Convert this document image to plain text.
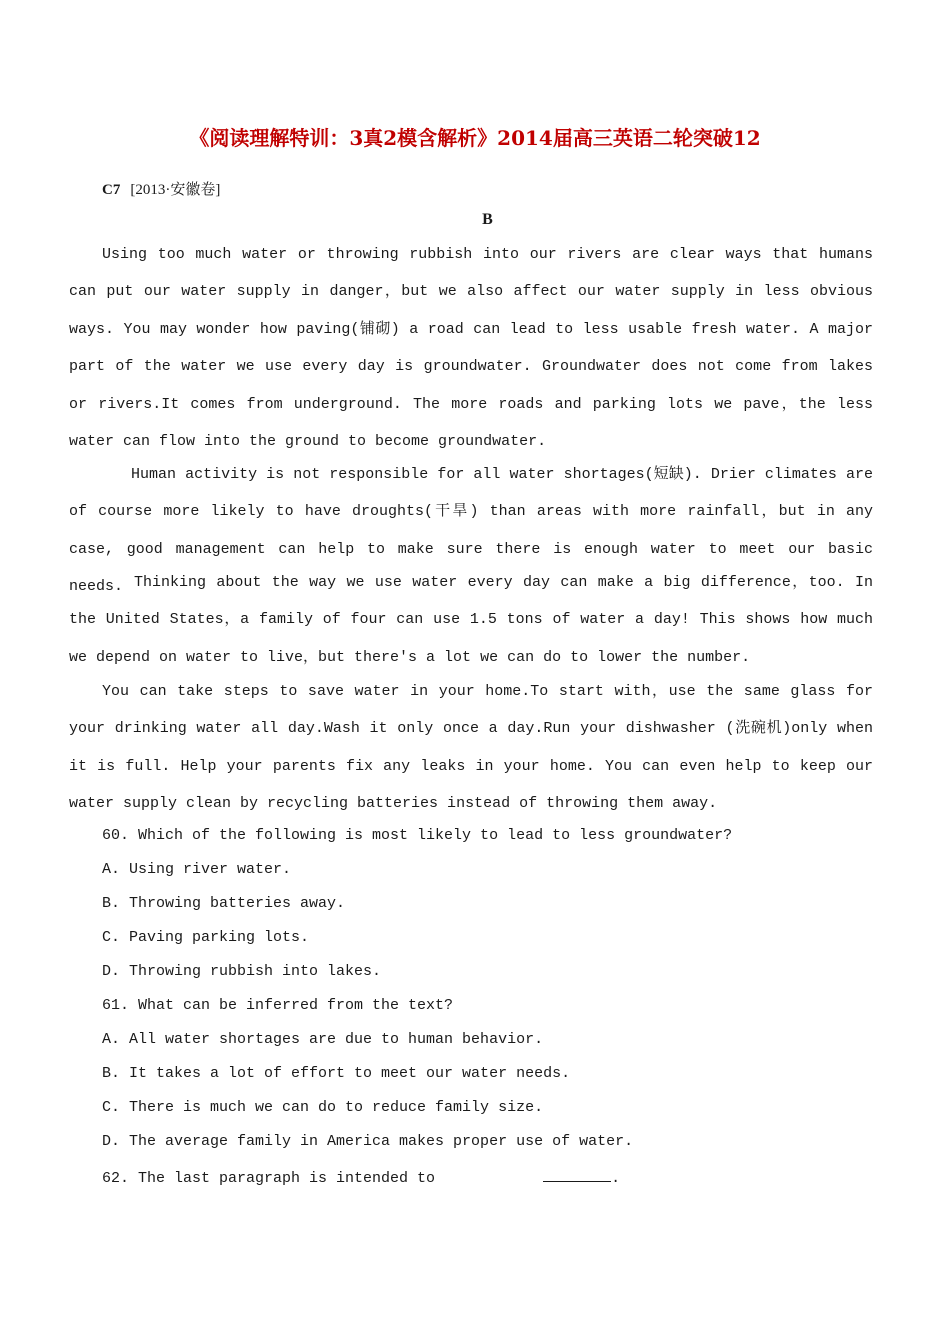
《阅读理解特训：3真2模含解析》2014届高三英语二轮突破12
C7 [2013·安徽卷]
B
Using too much water or throwing rubbish into our rivers are clear ways that humans can put our water supply in danger，but we also affect our water supply in less obvious ways. You may wonder how paving(铺砌) a road can lead to less usable fresh water. A major part of the water we use every day is groundwater. Groundwater does not come from lakes or rivers.It comes from underground. The more roads and parking lots we pave，the less water can flow into the ground to become groundwater.
Human activity is not responsible for all water shortages(短缺). Drier climates are of course more likely to have droughts(干旱) than areas with more rainfall，but in any case, good management can help to make sure there is enough water to meet our basic needs. Thinking about the way we use water every day can make a big difference，too. In the United States，a family of four can use 1.5 tons of water a day! This shows how much we depend on water to live，but there's a lot we can do to lower the number.
You can take steps to save water in your home.To start with，use the same glass for your drinking water all day.Wash it only once a day.Run your dishwasher (洗碗机)only when it is full. Help your parents fix any leaks in your home. You can even help to keep our water supply clean by recycling batteries instead of throwing them away.
60. Which of the following is most likely to lead to less groundwater?
A. Using river water.
B. Throwing batteries away.
C. Paving parking lots.
D. Throwing rubbish into lakes.
61. What can be inferred from the text?
A. All water shortages are due to human behavior.
B. It takes a lot of effort to meet our water needs.
C. There is much we can do to reduce family size.
D. The average family in America makes proper use of water.
62. The last paragraph is intended to	.
